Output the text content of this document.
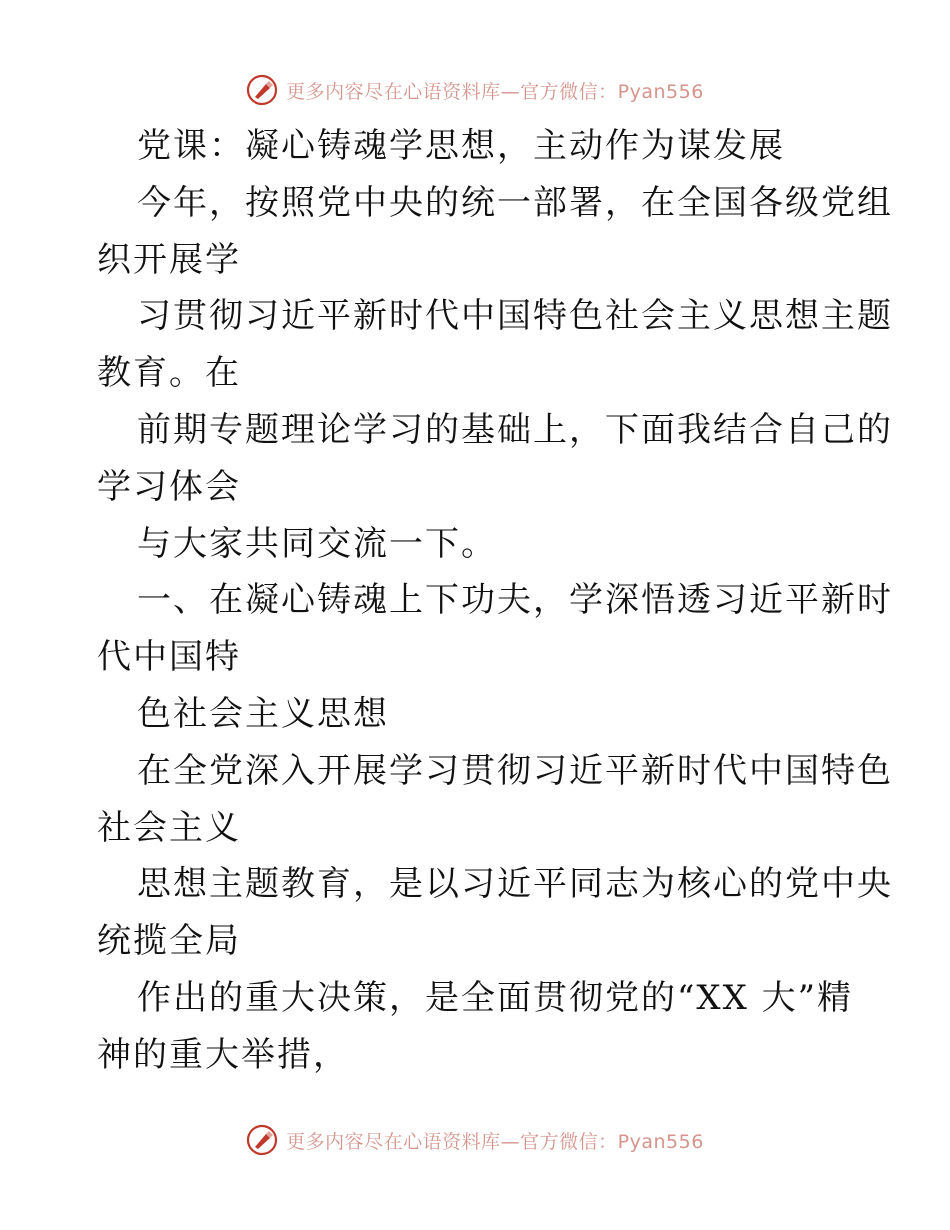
更多内容尽在心语资料库—官方微信：Pyan556
党课：凝心铸魂学思想，主动作为谋发展
今年，按照党中央的统一部署，在全国各级党组
织开展学
习贯彻习近平新时代中国特色社会主义思想主题
教育。在
前期专题理论学习的基础上，下面我结合自己的
学习体会
与大家共同交流一下。
一、在凝心铸魂上下功夫，学深悟透习近平新时
代中国特
色社会主义思想
在全党深入开展学习贯彻习近平新时代中国特色
社会主义
思想主题教育，是以习近平同志为核心的党中央
统揽全局
作出的重大决策，是全面贯彻党的“XX 大”精
神的重大举措，
更多内容尽在心语资料库—官方微信：Pyan556
